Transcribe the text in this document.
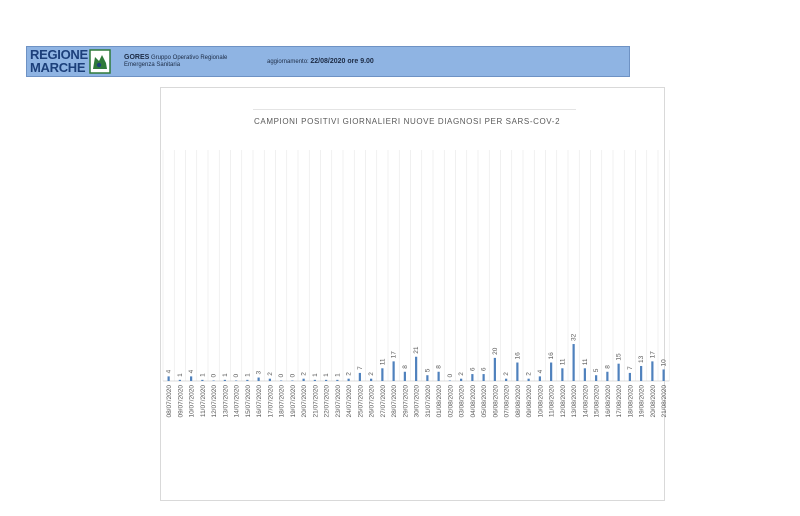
REGIONE
MARCHE
GORES Gruppo Operativo Regionale
Emergenza Sanitaria	aggiornamento: 22/08/2020 ore 9.00
CAMPIONI POSITIVI GIORNALIERI NUOVE DIAGNOSI PER SARS-COV-2
4
08/07/2020
1
09/07/2020
4
10/07/2020
1
11/07/2020
0
12/07/2020
1
13/07/2020
0
14/07/2020
1
15/07/2020
3
16/07/2020
2
17/07/2020
0
18/07/2020
0
19/07/2020
2
20/07/2020
1
21/07/2020
1
22/07/2020
1
23/07/2020
2
24/07/2020
7
25/07/2020
2
26/07/2020
11
27/07/2020
17
28/07/2020
8
29/07/2020
21
30/07/2020
5
31/07/2020
8
01/08/2020
0
02/08/2020
2
03/08/2020
6
04/08/2020
6
05/08/2020
20
06/08/2020
2
07/08/2020
16
08/08/2020
2
09/08/2020
4
10/08/2020
16
11/08/2020
11
12/08/2020
32
13/08/2020
11
14/08/2020
5
15/08/2020
8
16/08/2020
15
17/08/2020
7
18/08/2020
13
19/08/2020
17
20/08/2020
10
21/08/2020
